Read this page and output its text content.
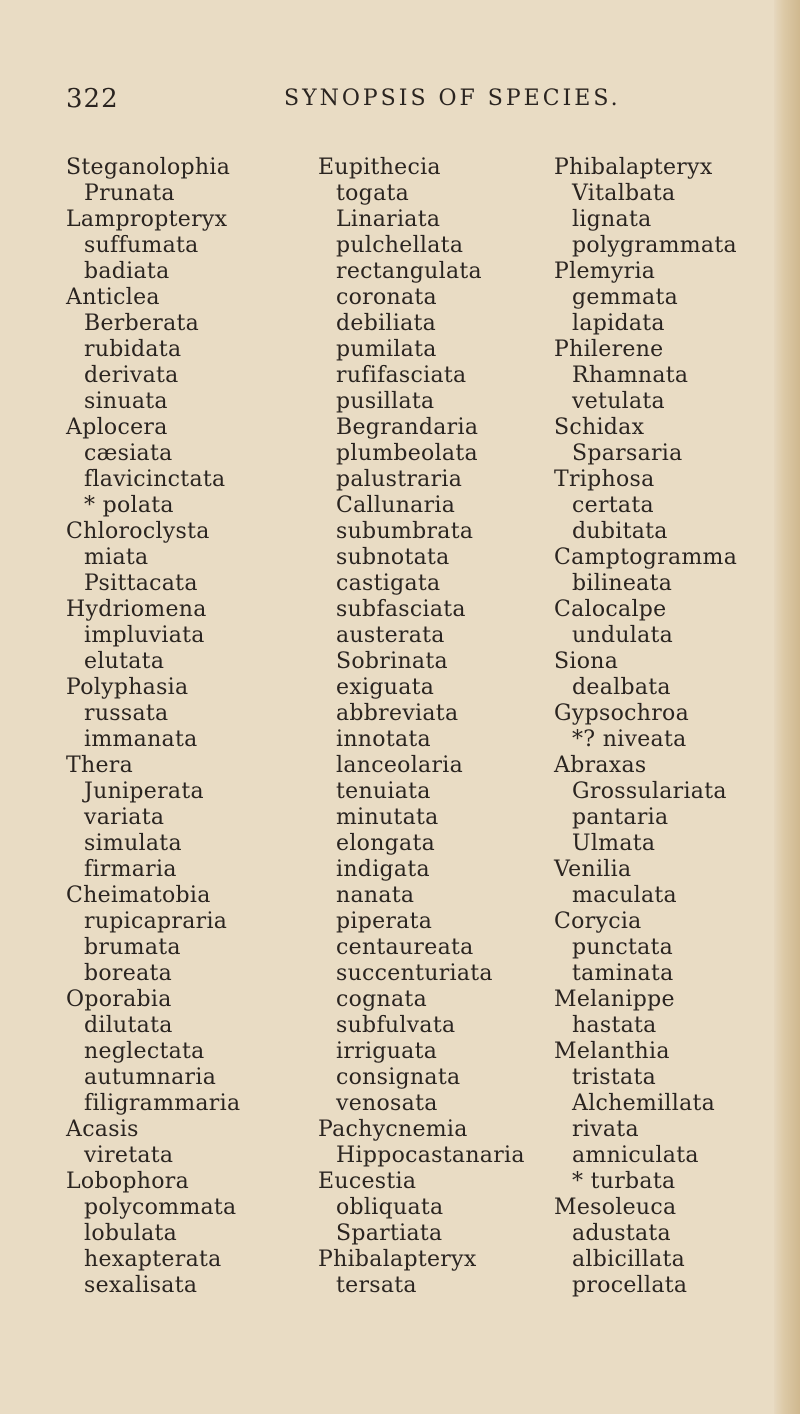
322	SYNOPSIS OF SPECIES.
Steganolophia
Prunata
Lampropteryx
suffumata
badiata
Anticlea
Berberata
rubidata
derivata
sinuata
Aplocera
cæsiata
flavicinctata
* polata
Chloroclysta
miata
Psittacata
Hydriomena
impluviata
elutata
Polyphasia
russata
immanata
Thera
Juniperata
variata
simulata
firmaria
Cheimatobia
rupicapraria
brumata
boreata
Oporabia
dilutata
neglectata
autumnaria
filigrammaria
Acasis
viretata
Lobophora
polycommata
lobulata
hexapterata
sexalisata
Eupithecia
togata
Linariata
pulchellata
rectangulata
coronata
debiliata
pumilata
rufifasciata
pusillata
Begrandaria
plumbeolata
palustraria
Callunaria
subumbrata
subnotata
castigata
subfasciata
austerata
Sobrinata
exiguata
abbreviata
innotata
lanceolaria
tenuiata
minutata
elongata
indigata
nanata
piperata
centaureata
succenturiata
cognata
subfulvata
irriguata
consignata
venosata
Pachycnemia
Hippocastanaria
Eucestia
obliquata
Spartiata
Phibalapteryx
tersata
Phibalapteryx
Vitalbata
lignata
polygrammata
Plemyria
gemmata
lapidata
Philerene
Rhamnata
vetulata
Schidax
Sparsaria
Triphosa
certata
dubitata
Camptogramma
bilineata
Calocalpe
undulata
Siona
dealbata
Gypsochroa
*? niveata
Abraxas
Grossulariata
pantaria
Ulmata
Venilia
maculata
Corycia
punctata
taminata
Melanippe
hastata
Melanthia
tristata
Alchemillata
rivata
amniculata
* turbata
Mesoleuca
adustata
albicillata
procellata
